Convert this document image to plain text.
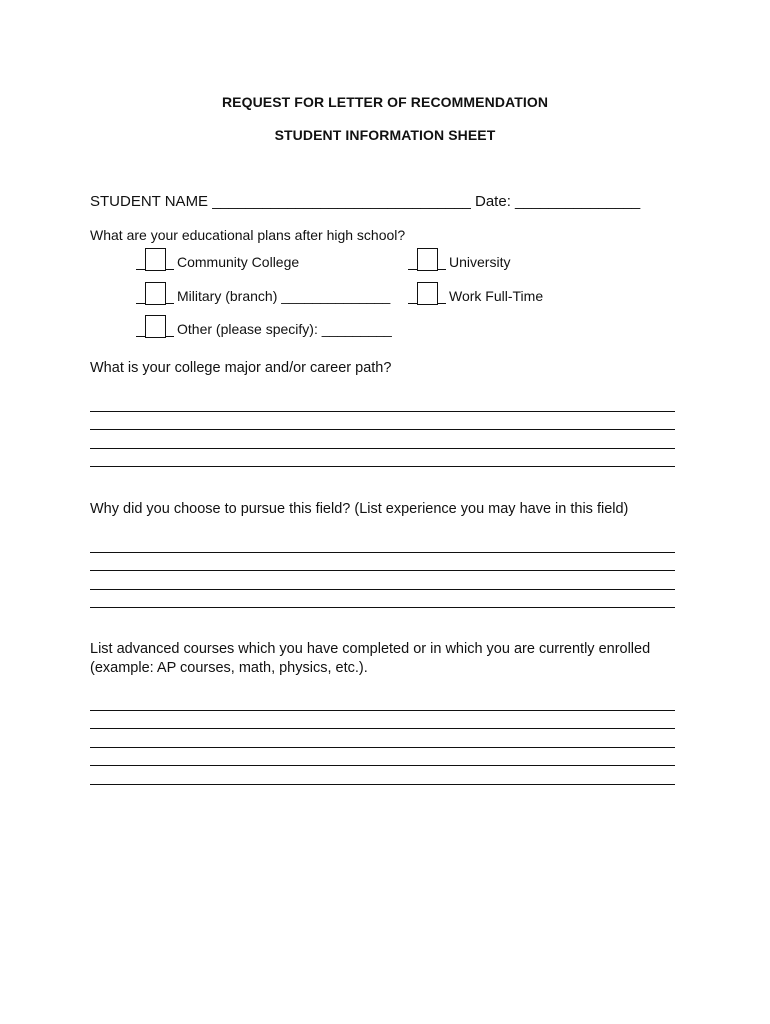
REQUEST FOR LETTER OF RECOMMENDATION
STUDENT INFORMATION SHEET
STUDENT NAME _______________________________ Date: _______________
What are your educational plans after high school?
Community College	University
Military (branch) ______________	Work Full-Time
Other (please specify): _________
What is your college major and/or career path?
Why did you choose to pursue this field? (List experience you may have in this field)
List advanced courses which you have completed or in which you are currently enrolled
(example: AP courses, math, physics, etc.).
